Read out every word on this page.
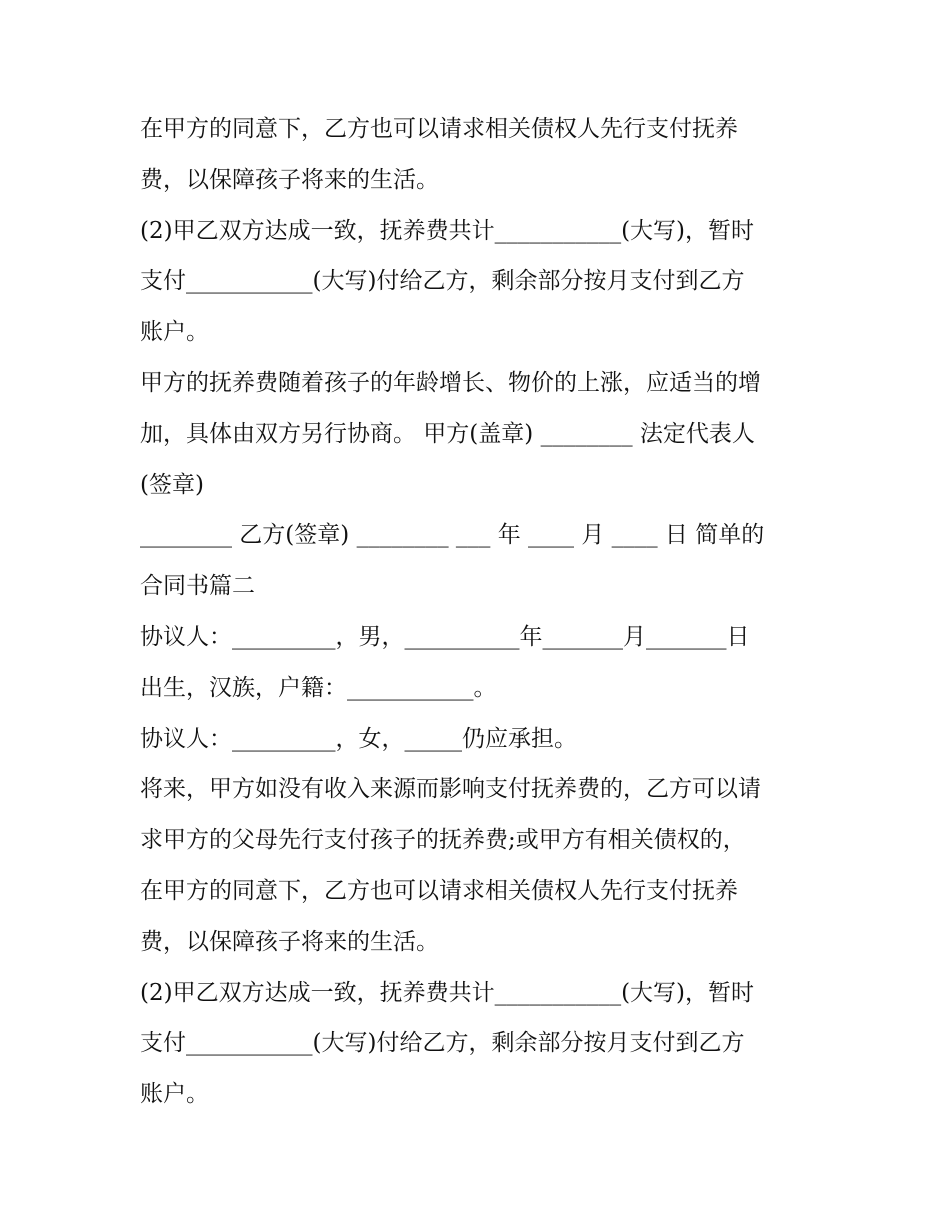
在甲方的同意下，乙方也可以请求相关债权人先行支付抚养
费，以保障孩子将来的生活。
(2)甲乙双方达成一致，抚养费共计___________(大写)，暂时
支付___________(大写)付给乙方，剩余部分按月支付到乙方
账户。
甲方的抚养费随着孩子的年龄增长、物价的上涨，应适当的增
加，具体由双方另行协商。 甲方(盖章) ________ 法定代表人
(签章)
________ 乙方(签章) ________ ___ 年 ____ 月 ____ 日 简单的
合同书篇二
协议人：_________，男，__________年_______月_______日
出生，汉族，户籍：___________。
协议人：_________，女，_____仍应承担。
将来，甲方如没有收入来源而影响支付抚养费的，乙方可以请
求甲方的父母先行支付孩子的抚养费;或甲方有相关债权的，
在甲方的同意下，乙方也可以请求相关债权人先行支付抚养
费，以保障孩子将来的生活。
(2)甲乙双方达成一致，抚养费共计___________(大写)，暂时
支付___________(大写)付给乙方，剩余部分按月支付到乙方
账户。
